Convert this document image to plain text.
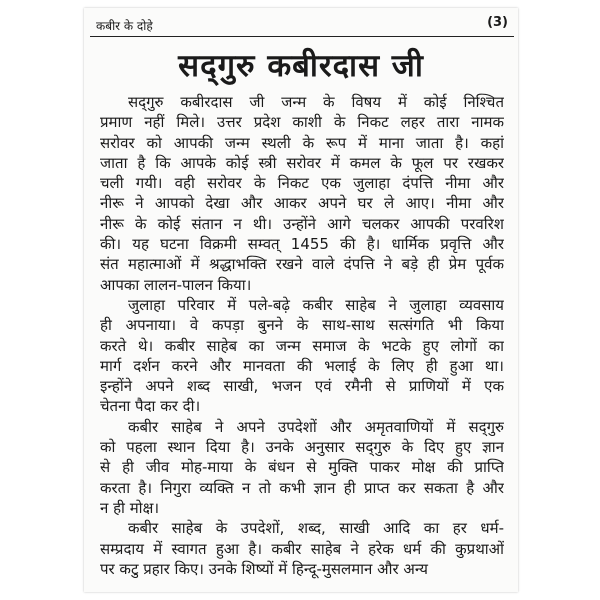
कबीर के दोहे	(3)
सद्‌गुरु कबीरदास जी
सद्‌गुरु कबीरदास जी जन्म के विषय में कोई निश्चित
प्रमाण नहीं मिले। उत्तर प्रदेश काशी के निकट लहर तारा नामक
सरोवर को आपकी जन्म स्थली के रूप में माना जाता है। कहां
जाता है कि आपके कोई स्त्री सरोवर में कमल के फूल पर रखकर
चली गयी। वही सरोवर के निकट एक जुलाहा दंपत्ति नीमा और
नीरू ने आपको देखा और आकर अपने घर ले आए। नीमा और
नीरू के कोई संतान न थी। उन्होंने आगे चलकर आपकी परवरिश
की। यह घटना विक्रमी सम्वत्‌ 1455 की है। धार्मिक प्रवृत्ति और
संत महात्माओं में श्रद्धाभक्ति रखने वाले दंपत्ति ने बड़े ही प्रेम पूर्वक
आपका लालन-पालन किया।
जुलाहा परिवार में पले-बढ़े कबीर साहेब ने जुलाहा व्यवसाय
ही अपनाया। वे कपड़ा बुनने के साथ-साथ सत्संगति भी किया
करते थे। कबीर साहेब का जन्म समाज के भटके हुए लोगों का
मार्ग दर्शन करने और मानवता की भलाई के लिए ही हुआ था।
इन्होंने अपने शब्द साखी, भजन एवं रमैनी से प्राणियों में एक
चेतना पैदा कर दी।
कबीर साहेब ने अपने उपदेशों और अमृतवाणियों में सद्‌गुरु
को पहला स्थान दिया है। उनके अनुसार सद्‌गुरु के दिए हुए ज्ञान
से ही जीव मोह-माया के बंधन से मुक्ति पाकर मोक्ष की प्राप्ति
करता है। निगुरा व्यक्ति न तो कभी ज्ञान ही प्राप्त कर सकता है और
न ही मोक्ष।
कबीर साहेब के उपदेशों, शब्द, साखी आदि का हर धर्म-
सम्प्रदाय में स्वागत हुआ है। कबीर साहेब ने हरेक धर्म की कुप्रथाओं
पर कटु प्रहार किए। उनके शिष्यों में हिन्दू-मुसलमान और अन्य
